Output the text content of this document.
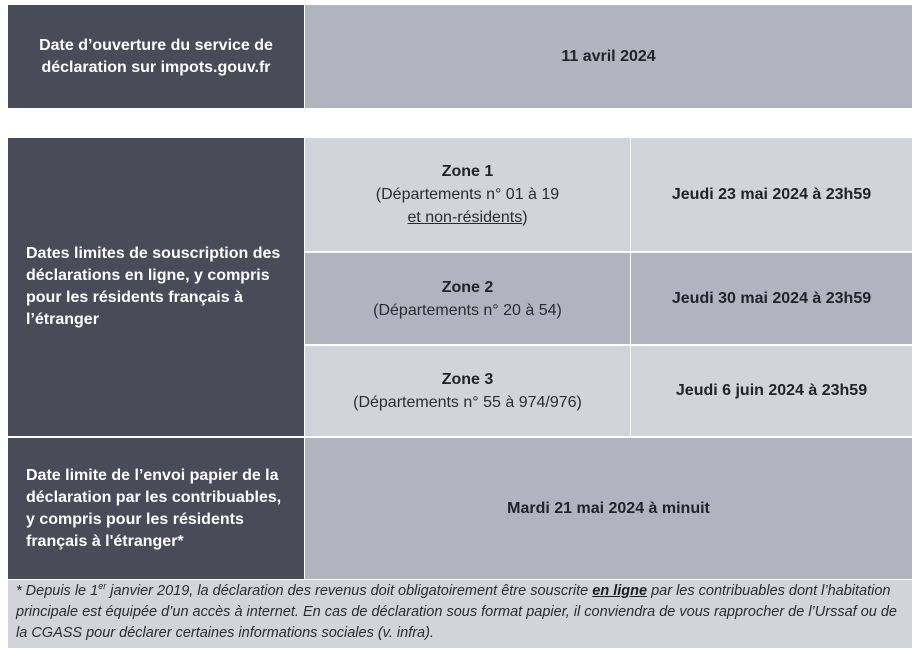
Date d’ouverture du service de déclaration sur impots.gouv.fr
11 avril 2024
Dates limites de souscription des déclarations en ligne, y compris pour les résidents français à l’étranger
Zone 1
(Départements n° 01 à 19
et non-résidents)
Jeudi 23 mai 2024 à 23h59
Zone 2
(Départements n° 20 à 54)
Jeudi 30 mai 2024 à 23h59
Zone 3
(Départements n° 55 à 974/976)
Jeudi 6 juin 2024 à 23h59
Date limite de l’envoi papier de la déclaration par les contribuables, y compris pour les résidents français à l'étranger*
Mardi 21 mai 2024 à minuit
* Depuis le 1er janvier 2019, la déclaration des revenus doit obligatoirement être souscrite en ligne par les contribuables dont l’habitation principale est équipée d’un accès à internet. En cas de déclaration sous format papier, il conviendra de vous rapprocher de l’Urssaf ou de la CGASS pour déclarer certaines informations sociales (v. infra).
